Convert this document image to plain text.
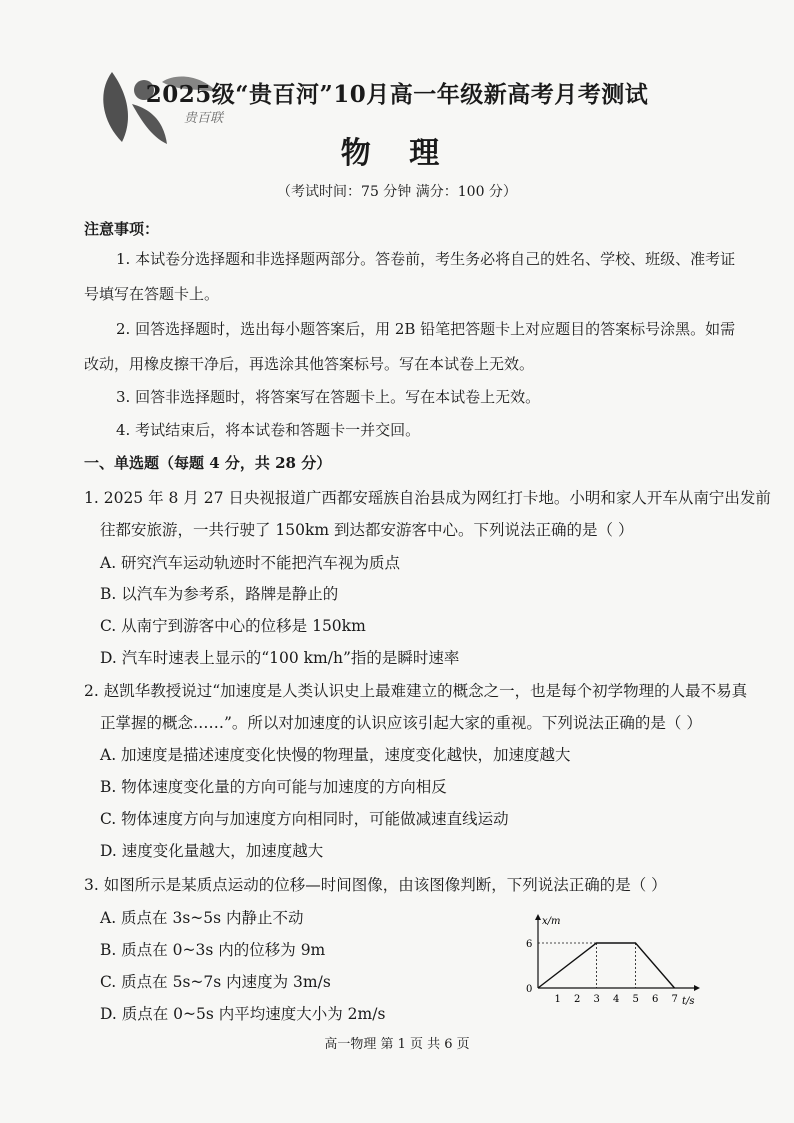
贵百联
2025级“贵百河”10月高一年级新高考月考测试
物 理
（考试时间：75 分钟 满分：100 分）
注意事项：
1. 本试卷分选择题和非选择题两部分。答卷前，考生务必将自己的姓名、学校、班级、准考证
号填写在答题卡上。
2. 回答选择题时，选出每小题答案后，用 2B 铅笔把答题卡上对应题目的答案标号涂黑。如需
改动，用橡皮擦干净后，再选涂其他答案标号。写在本试卷上无效。
3. 回答非选择题时，将答案写在答题卡上。写在本试卷上无效。
4. 考试结束后，将本试卷和答题卡一并交回。
一、单选题（每题 4 分，共 28 分）
1. 2025 年 8 月 27 日央视报道广西都安瑶族自治县成为网红打卡地。小明和家人开车从南宁出发前
往都安旅游，一共行驶了 150km 到达都安游客中心。下列说法正确的是（ ）
A. 研究汽车运动轨迹时不能把汽车视为质点
B. 以汽车为参考系，路牌是静止的
C. 从南宁到游客中心的位移是 150km
D. 汽车时速表上显示的“100 km/h”指的是瞬时速率
2. 赵凯华教授说过“加速度是人类认识史上最难建立的概念之一，也是每个初学物理的人最不易真
正掌握的概念……”。所以对加速度的认识应该引起大家的重视。下列说法正确的是（ ）
A. 加速度是描述速度变化快慢的物理量，速度变化越快，加速度越大
B. 物体速度变化量的方向可能与加速度的方向相反
C. 物体速度方向与加速度方向相同时，可能做减速直线运动
D. 速度变化量越大，加速度越大
3. 如图所示是某质点运动的位移—时间图像，由该图像判断，下列说法正确的是（ ）
A. 质点在 3s~5s 内静止不动
B. 质点在 0~3s 内的位移为 9m
C. 质点在 5s~7s 内速度为 3m/s
D. 质点在 0~5s 内平均速度大小为 2m/s
x/m
t/s
0
1 2 3 4 5 6 7
6
高一物理 第 1 页 共 6 页
